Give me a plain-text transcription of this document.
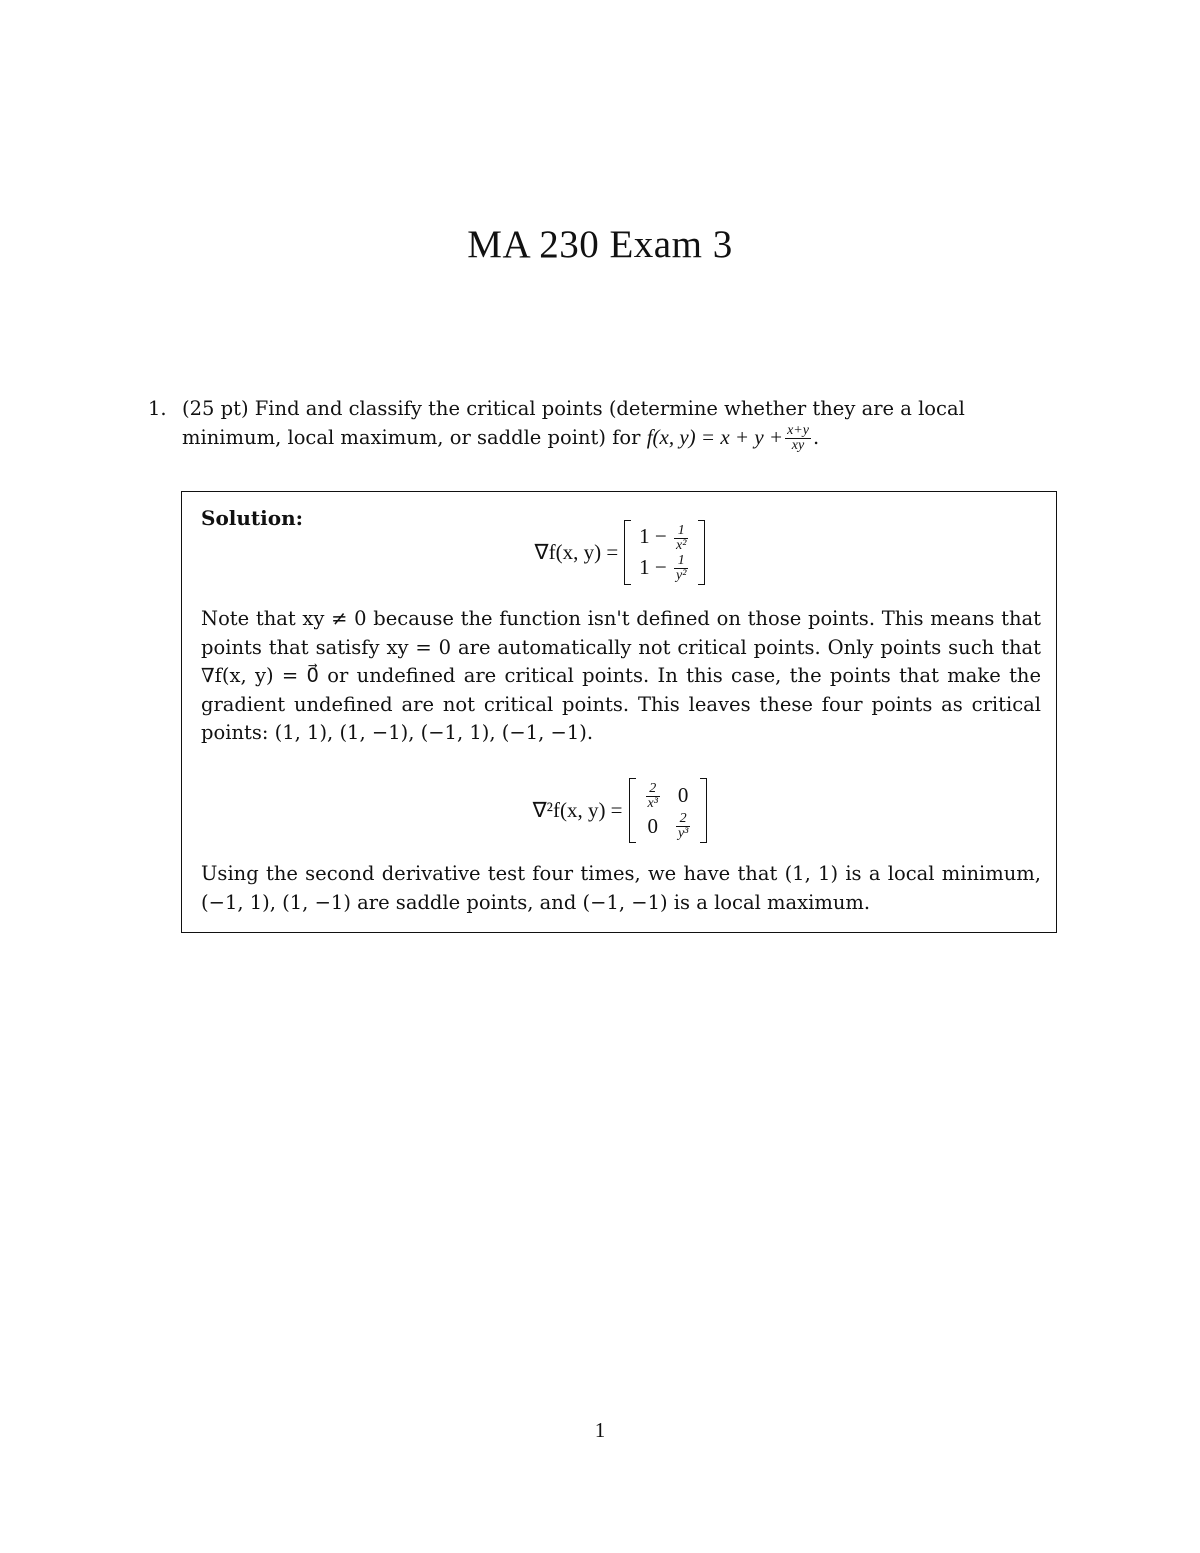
MA 230 Exam 3
1. (25 pt) Find and classify the critical points (determine whether they are a local minimum, local maximum, or saddle point) for f(x, $y) = x + y + \frac{x+y}{xy}$ .
Solution:
∇f(x, y) =
$1 - \frac{1}{\text{x²}}$

$1 - \frac{1}{\text{y²}}$
Note that xy ≠ 0 because the function isn't defined on those points. This means that points that satisfy xy = 0 are automatically not critical points. Only points such that ∇f(x, y) = 0⃗ or undefined are critical points. In this case, the points that make the gradient undefined are not critical points. This leaves these four points as critical points: (1, 1), (1, −1), (−1, 1), (−1, −1).
∇²f(x, $y) = \frac{2}{\text{x³}}$	0
0	$\frac{2}{\text{y³}}$
Using the second derivative test four times, we have that (1, 1) is a local minimum, (−1, 1), (1, −1) are saddle points, and (−1, −1) is a local maximum.
1
